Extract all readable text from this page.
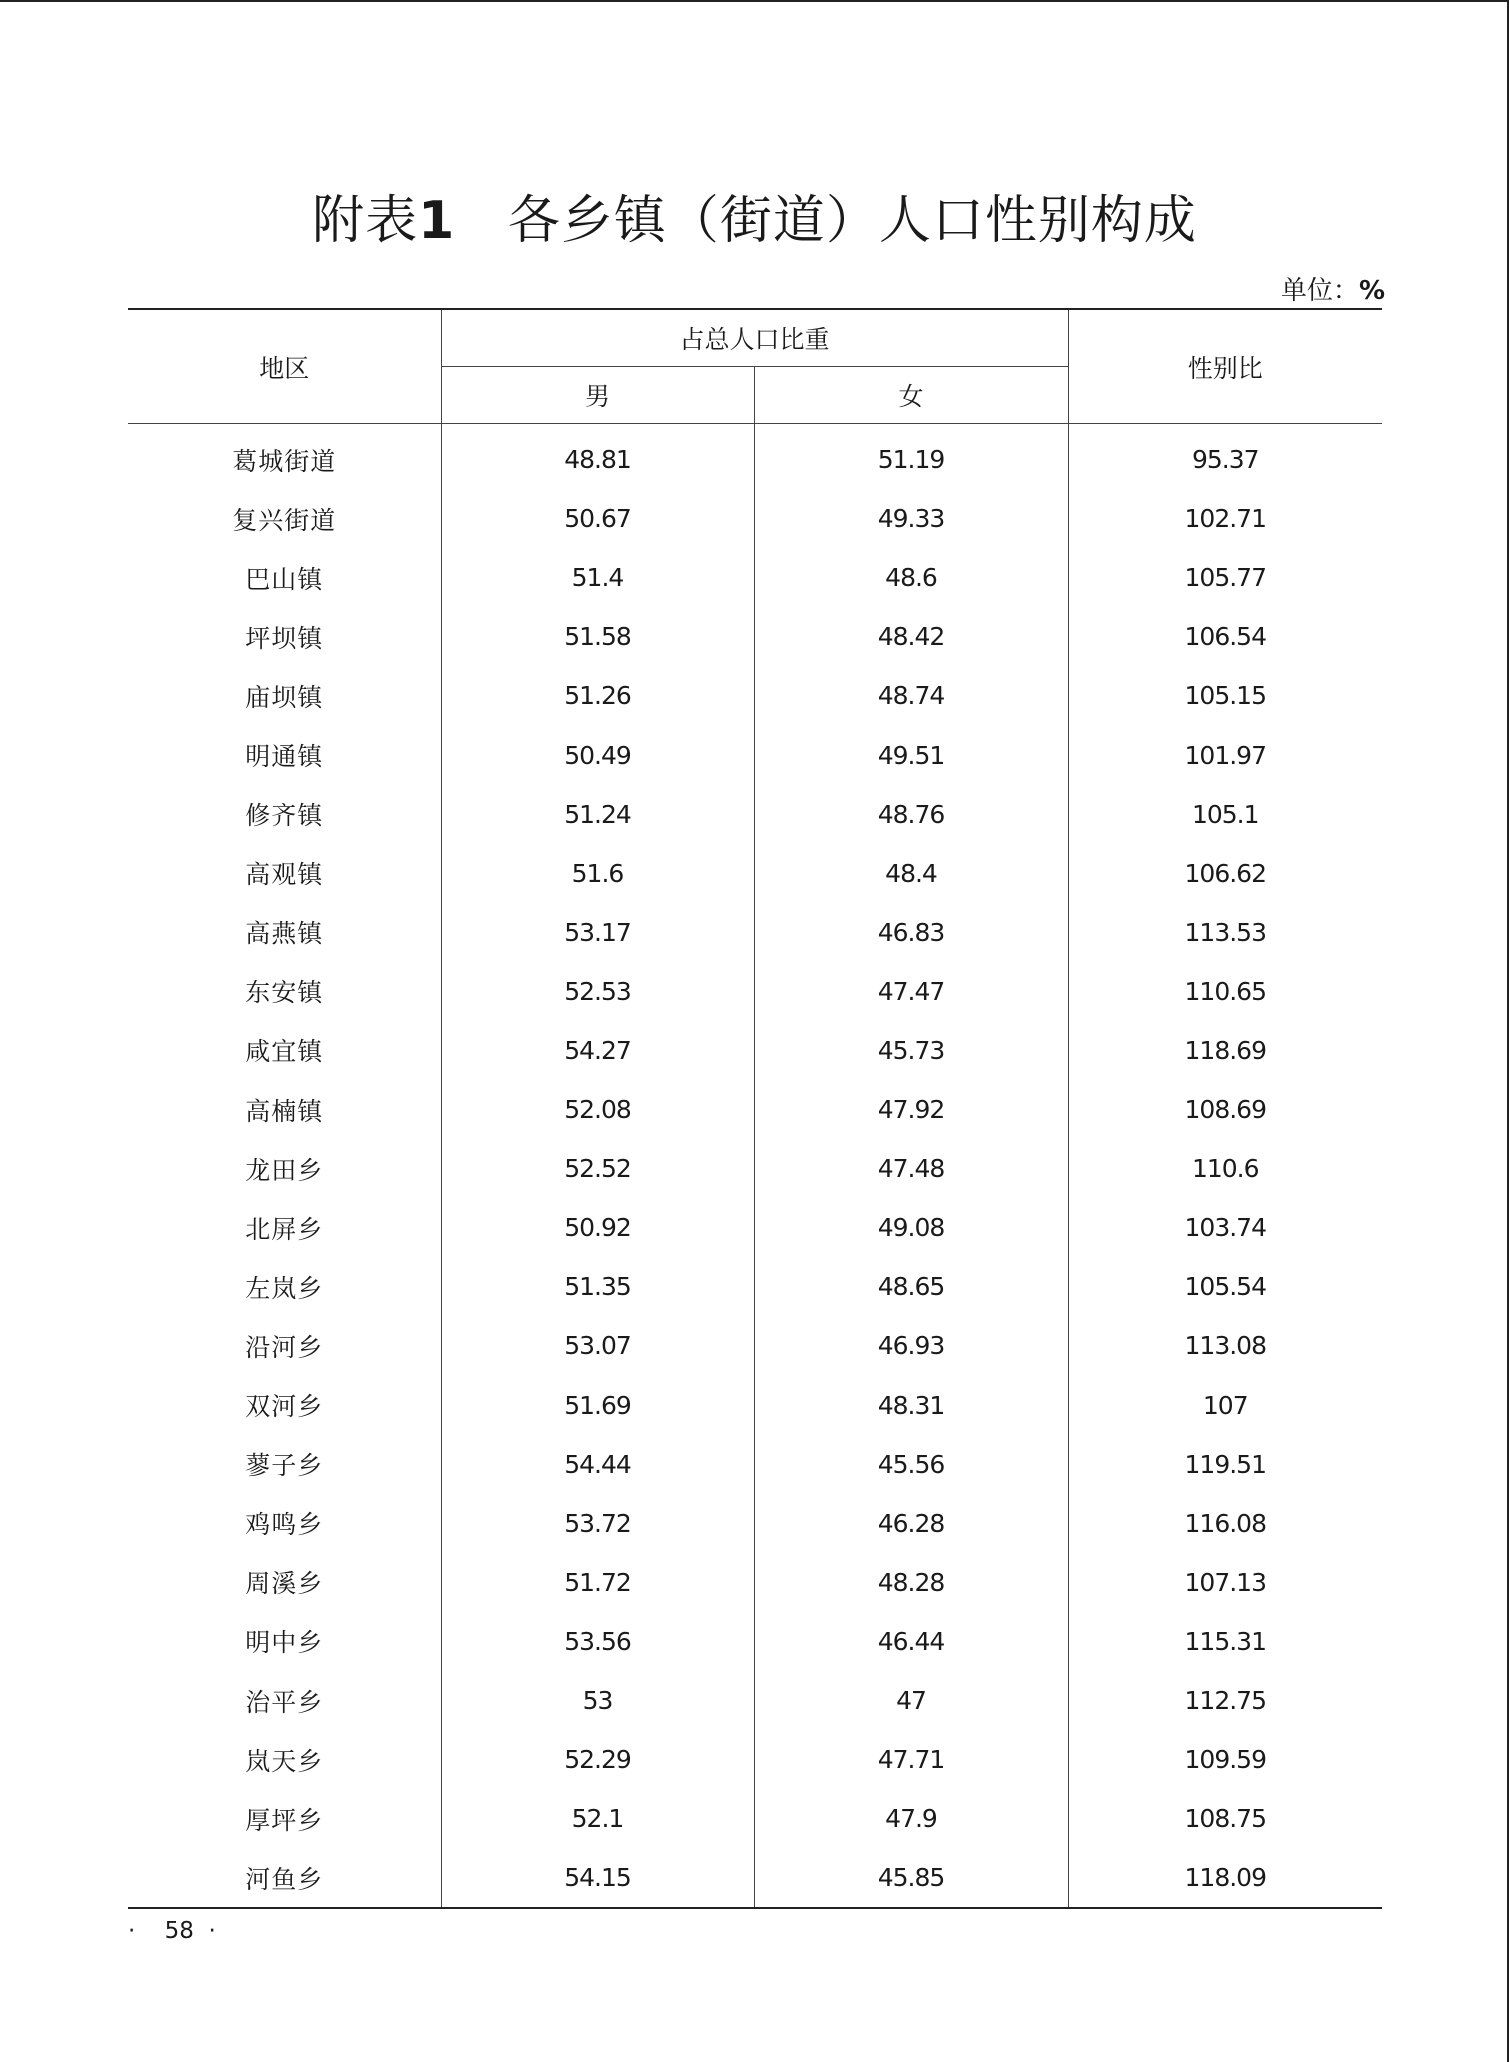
附表1 各乡镇（街道）人口性别构成
单位：%
地区	占总人口比重		性别比
	男	女	
葛城街道	48.81	51.19	95.37
复兴街道	50.67	49.33	102.71
巴山镇	51.4	48.6	105.77
坪坝镇	51.58	48.42	106.54
庙坝镇	51.26	48.74	105.15
明通镇	50.49	49.51	101.97
修齐镇	51.24	48.76	105.1
高观镇	51.6	48.4	106.62
高燕镇	53.17	46.83	113.53
东安镇	52.53	47.47	110.65
咸宜镇	54.27	45.73	118.69
高楠镇	52.08	47.92	108.69
龙田乡	52.52	47.48	110.6
北屏乡	50.92	49.08	103.74
左岚乡	51.35	48.65	105.54
沿河乡	53.07	46.93	113.08
双河乡	51.69	48.31	107
蓼子乡	54.44	45.56	119.51
鸡鸣乡	53.72	46.28	116.08
周溪乡	51.72	48.28	107.13
明中乡	53.56	46.44	115.31
治平乡	53	47	112.75
岚天乡	52.29	47.71	109.59
厚坪乡	52.1	47.9	108.75
河鱼乡	54.15	45.85	118.09
·    58  ·
